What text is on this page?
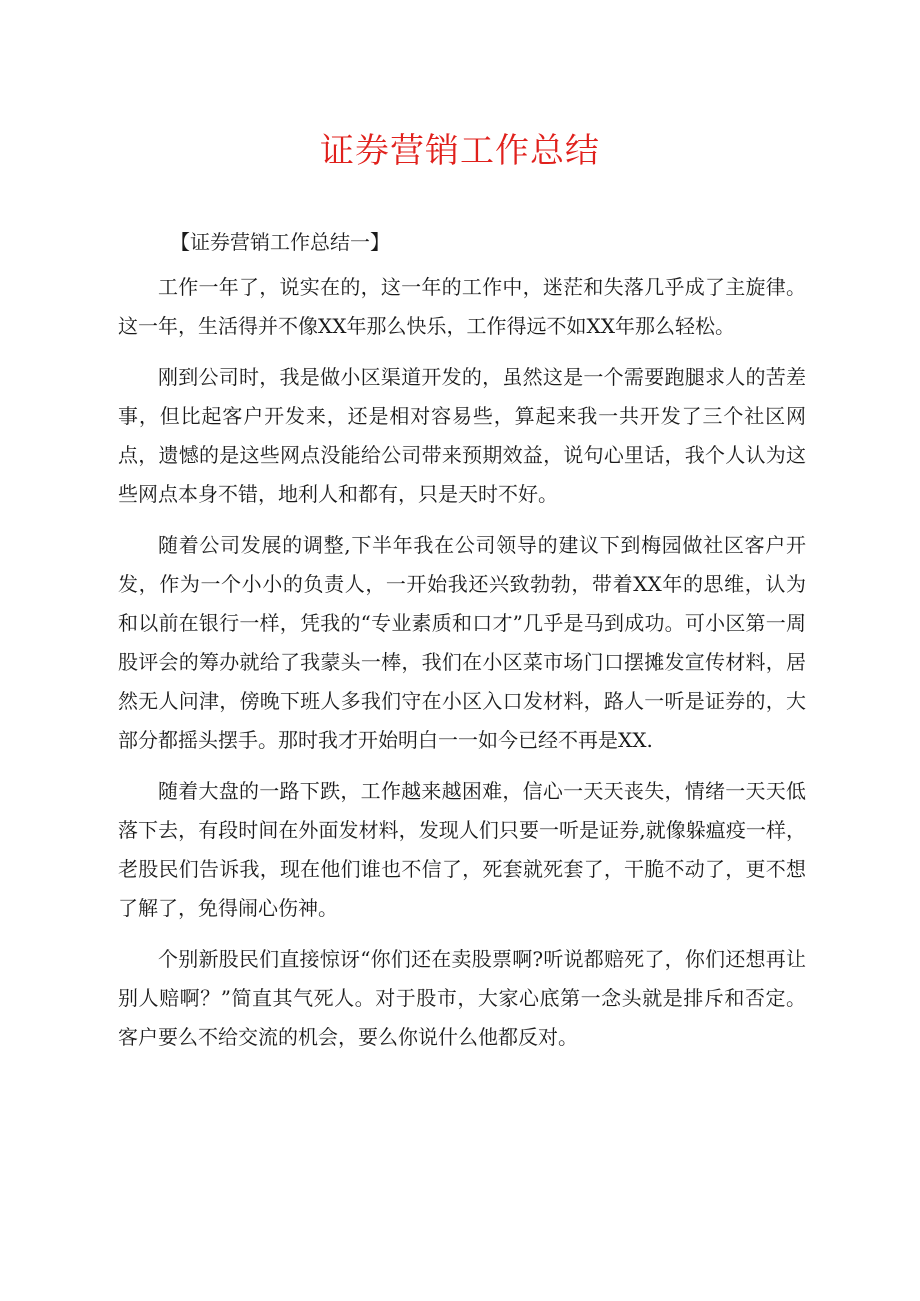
证券营销工作总结
【证券营销工作总结一】

工作一年了，说实在的，这一年的工作中，迷茫和失落几乎成了主旋律。这一年，生活得并不像XX年那么快乐，工作得远不如XX年那么轻松。

刚到公司时，我是做小区渠道开发的，虽然这是一个需要跑腿求人的苦差事，但比起客户开发来，还是相对容易些，算起来我一共开发了三个社区网点，遗憾的是这些网点没能给公司带来预期效益，说句心里话，我个人认为这些网点本身不错，地利人和都有，只是天时不好。

随着公司发展的调整,下半年我在公司领导的建议下到梅园做社区客户开发，作为一个小小的负责人，一开始我还兴致勃勃，带着XX年的思维，认为和以前在银行一样，凭我的“专业素质和口才”几乎是马到成功。可小区第一周股评会的筹办就给了我蒙头一棒，我们在小区菜市场门口摆摊发宣传材料，居然无人问津，傍晚下班人多我们守在小区入口发材料，路人一听是证券的，大部分都摇头摆手。那时我才开始明白一一如今已经不再是XX.

随着大盘的一路下跌，工作越来越困难，信心一天天丧失，情绪一天天低落下去，有段时间在外面发材料，发现人们只要一听是证券,就像躲瘟疫一样，老股民们告诉我，现在他们谁也不信了，死套就死套了，干脆不动了，更不想了解了，免得闹心伤神。

个别新股民们直接惊讶“你们还在卖股票啊?听说都赔死了，你们还想再让别人赔啊？”简直其气死人。对于股市，大家心底第一念头就是排斥和否定。客户要么不给交流的机会，要么你说什么他都反对。
